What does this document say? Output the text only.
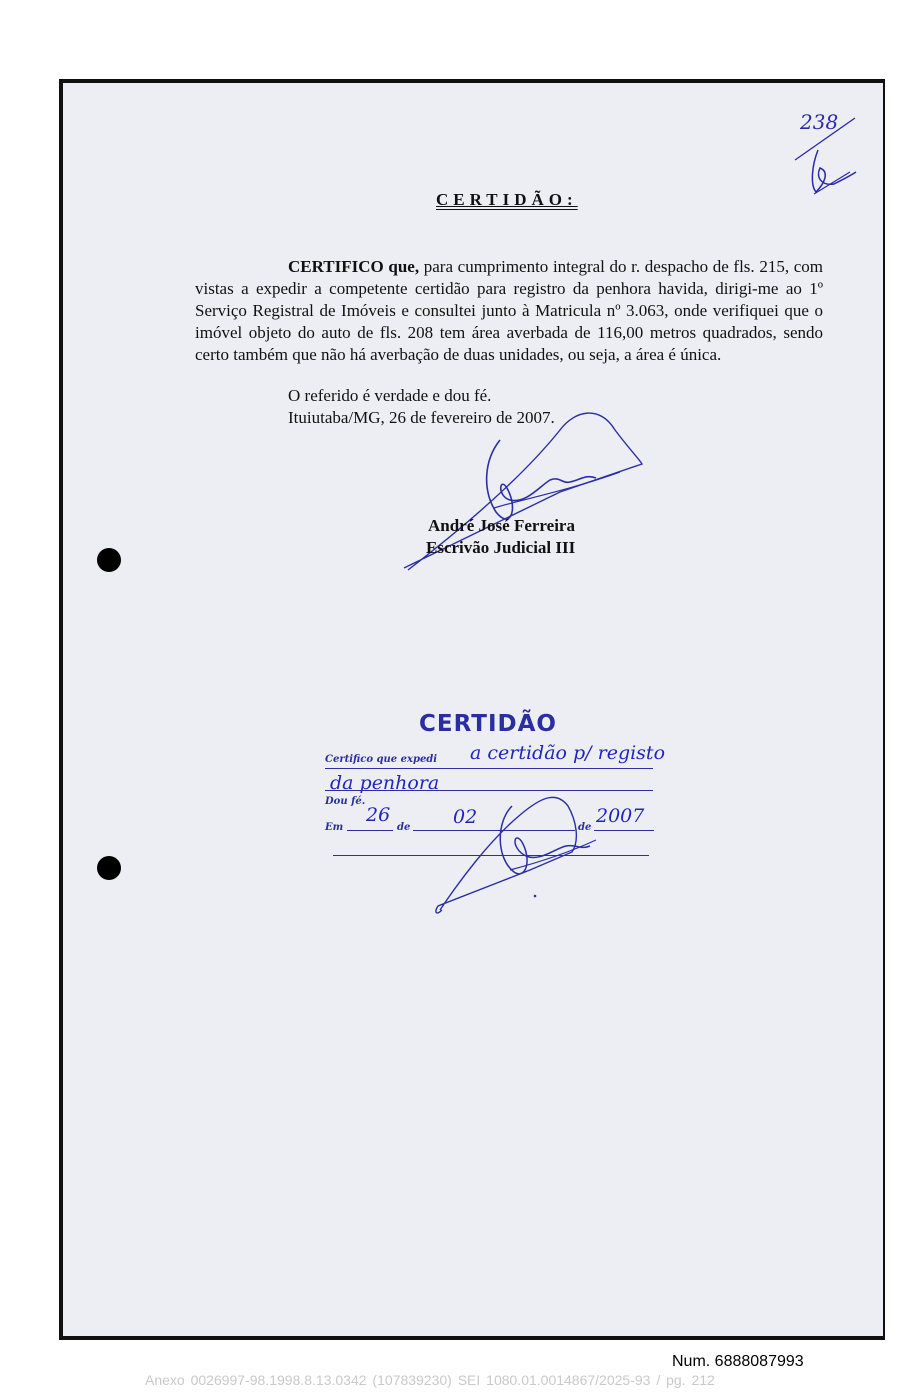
238
CERTIDÃO:

CERTIFICO que, para cumprimento integral do r. despacho de fls. 215, com vistas a expedir a competente certidão para registro da penhora havida, dirigi-me ao 1º Serviço Registral de Imóveis e consultei junto à Matricula nº 3.063, onde verifiquei que o imóvel objeto do auto de fls. 208 tem área averbada de 116,00 metros quadrados, sendo certo também que não há averbação de duas unidades, ou seja, a área é única.

O referido é verdade e dou fé.
Ituiutaba/MG, 26 de fevereiro de 2007.
André José Ferreira
Escrivão Judicial III
CERTIDÃO
Certifico que expedi a certidão p/ registo
da penhora
Dou fé.
Em
26
de 02	de
2007
Num. 6888087993
Anexo 0026997-98.1998.8.13.0342 (107839230) SEI 1080.01.0014867/2025-93 / pg. 212
